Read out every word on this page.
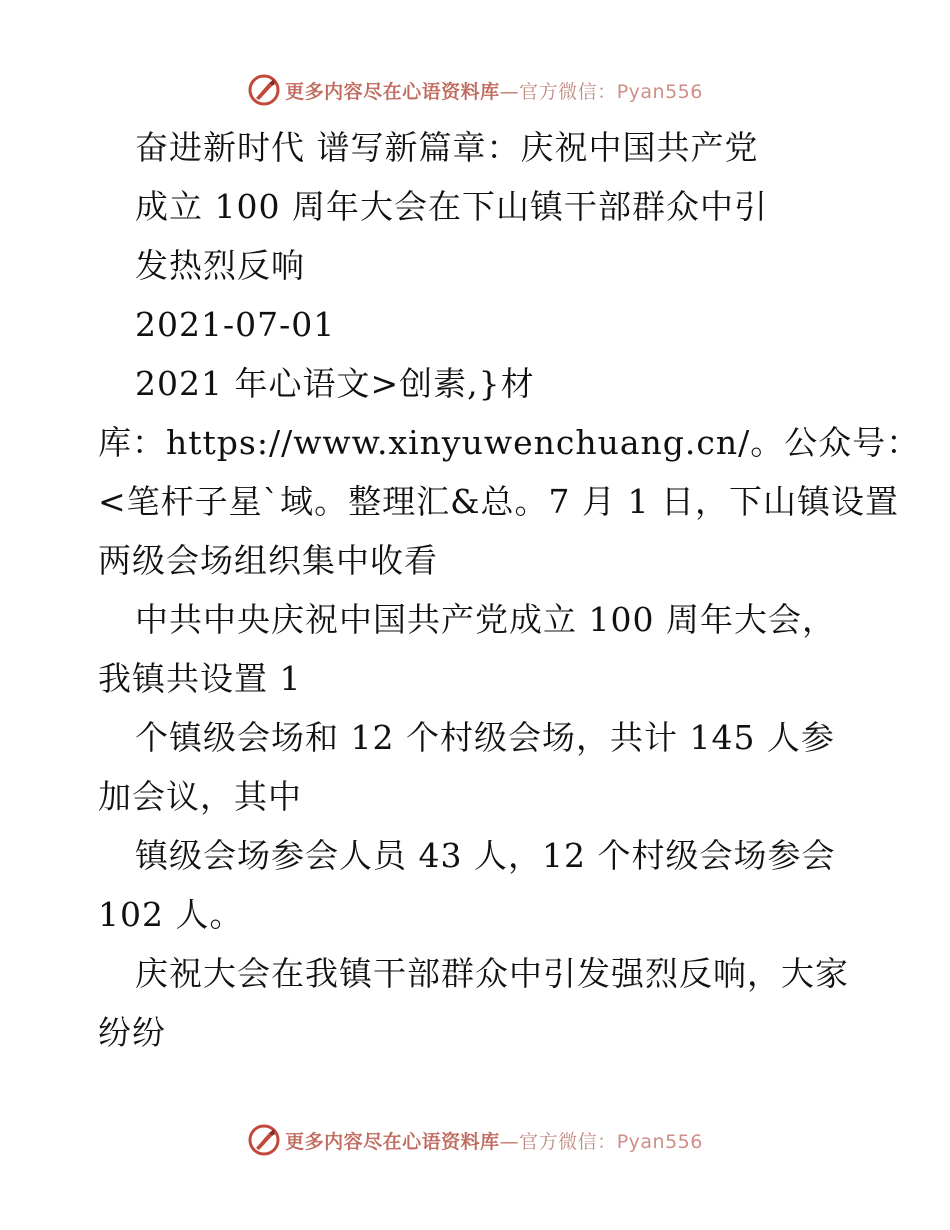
更多内容尽在心语资料库—官方微信：Pyan556
奋进新时代 谱写新篇章：庆祝中国共产党
成立 100 周年大会在下山镇干部群众中引
发热烈反响
2021-07-01
2021 年心语文>创素,}材
库：https://www.xinyuwenchuang.cn/。公众号：
<笔杆子星`域。整理汇&总。7 月 1 日，下山镇设置
两级会场组织集中收看
中共中央庆祝中国共产党成立 100 周年大会，
我镇共设置 1
个镇级会场和 12 个村级会场，共计 145 人参
加会议，其中
镇级会场参会人员 43 人，12 个村级会场参会
102 人。
庆祝大会在我镇干部群众中引发强烈反响，大家
纷纷
更多内容尽在心语资料库—官方微信：Pyan556
